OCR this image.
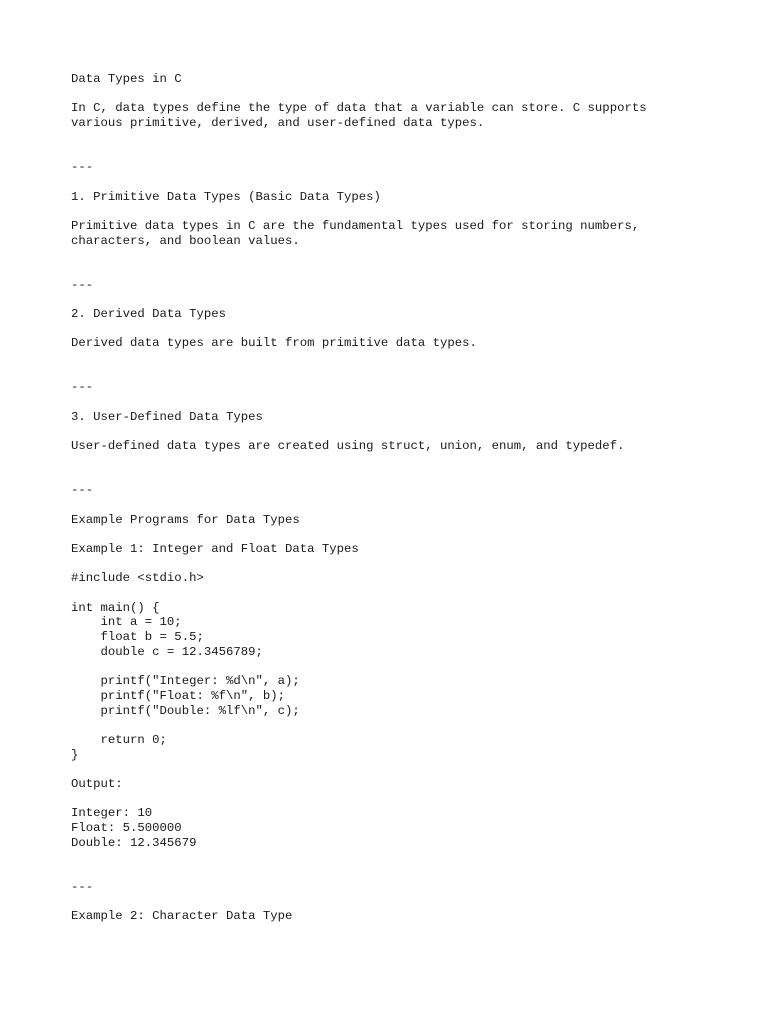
Data Types in C
In C, data types define the type of data that a variable can store. C supports
various primitive, derived, and user-defined data types.
---
1. Primitive Data Types (Basic Data Types)
Primitive data types in C are the fundamental types used for storing numbers,
characters, and boolean values.
---
2. Derived Data Types
Derived data types are built from primitive data types.
---
3. User-Defined Data Types
User-defined data types are created using struct, union, enum, and typedef.
---
Example Programs for Data Types
Example 1: Integer and Float Data Types
#include <stdio.h>
int main() {
int a = 10;
float b = 5.5;
double c = 12.3456789;
printf("Integer: %d\n", a);
printf("Float: %f\n", b);
printf("Double: %lf\n", c);
return 0;
}
Output:
Integer: 10
Float: 5.500000
Double: 12.345679
---
Example 2: Character Data Type
